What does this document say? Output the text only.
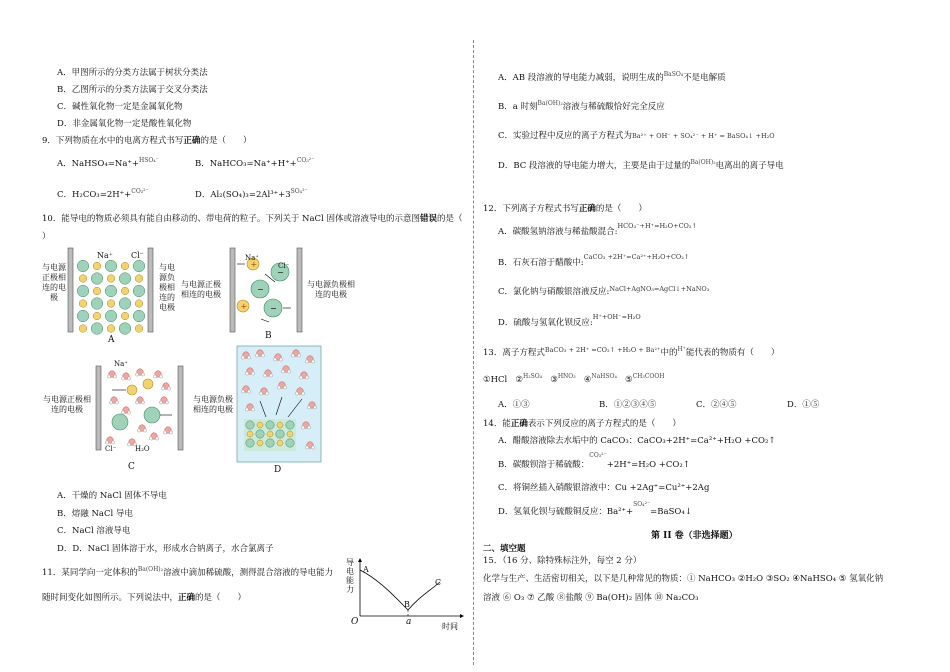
A．甲图所示的分类方法属于树状分类法
B．乙图所示的分类方法属于交叉分类法
C．碱性氧化物一定是金属氧化物
D．非金属氧化物一定是酸性氧化物
9．下列物质在水中的电离方程式书写正确的是（　　）
A．NaHSO₄=Na⁺+$^{HSO_4^-}$	B．NaHCO₃=Na⁺+H⁺+$^{CO_3^{2-}}$
C．H₂CO₃=2H⁺+$^{CO_3^{2-}}$	D．$Al_2(SO_4)_3=2Al^{3+}+3^{SO_4^{2-}}$
10．能导电的物质必须具有能自由移动的、带电荷的粒子。下列关于 NaCl 固体或溶液导电的示意图错误的是（
）
与电源正极相连的电极
Na⁺ Cl⁻
与电源负极相连的电极
A
与电源正极相连的电极
+
−
−
+	−
Na⁺
Cl⁻
与电源负极相连的电极
B
与电源正极相连的电极
Na⁺
Cl⁻	H₂O
与电源负极相连的电极
C	D
A．干燥的 NaCl 固体不导电
B．熔融 NaCl 导电
C．NaCl 溶液导电
D．D．NaCl 固体溶于水，形成水合钠离子，水合氯离子
11．某同学向一定体积的$^{Ba(OH)_2}$溶液中滴加稀硫酸，测得混合溶液的导电能力
随时间变化如图所示。下列说法中，正确的是（　　）
导电能力
A
B
C
O	a	时间
A．AB 段溶液的导电能力减弱，说明生成的$^{BaSO_4}$不是电解质
B．a 时刻$^{Ba(OH)_2}$溶液与稀硫酸恰好完全反应
C．实验过程中反应的离子方程式为Ba²⁺ + OH⁻ + SO₄²⁻ + H⁺ = BaSO₄↓ +H₂O
D．BC 段溶液的导电能力增大，主要是由于过量的$^{Ba(OH)_2}$电离出的离子导电
12．下列离子方程式书写正确的是（　　）
A．碳酸氢钠溶液与稀盐酸混合:$^{HCO_3^-+H^+=H_2O+CO_2↑}$
B．石灰石溶于醋酸中:$^{CaCO_3 +2H^+=Ca^{2+}+H_2O+CO_2↑}$
C．氯化钠与硝酸银溶液反应:$^{NaCl+AgNO_3=AgCl↓+NaNO_3}$
D．硫酸与氢氧化钡反应:$^{H^++OH^-=H_2O}$
13．离子方程式$^{BaCO_3 + 2H^+ =CO_2↑ +H_2O + Ba^{2+}}$中的$^{H^+}$能代表的物质有（　　）
①HCl ②$^{H_2SO_4}$ ③$^{HNO_3}$ ④$^{NaHSO_4}$ ⑤$^{CH_3COOH}$
A．①③	B．①②③④⑤	C．②④⑤	D．①⑤
14．能正确表示下列反应的离子方程式的是（　　）
A．醋酸溶液除去水垢中的 CaCO₃：CaCO₃+2H⁺=Ca²⁺+H₂O +CO₂↑
B．碳酸钡溶于稀硫酸：$^{CO_3^{2-}}$+2H⁺=H₂O +CO₂↑
C．将铜丝插入硝酸银溶液中：Cu +2Ag⁺=Cu²⁺+2Ag
D．氢氧化钡与硫酸铜反应：Ba²⁺+$^{SO_4^{2-}}$=BaSO₄↓
第 II 卷（非选择题）
二、填空题
15．（16 分、除特殊标注外，每空 2 分）
化学与生产、生活密切相关，以下是几种常见的物质：① NaHCO₃ ②H₂O ③SO₂ ④NaHSO₄ ⑤ 氢氧化钠
溶液 ⑥ O₃ ⑦ 乙酸 ⑧盐酸 ⑨ Ba(OH)₂ 固体 ⑩ Na₂CO₃
